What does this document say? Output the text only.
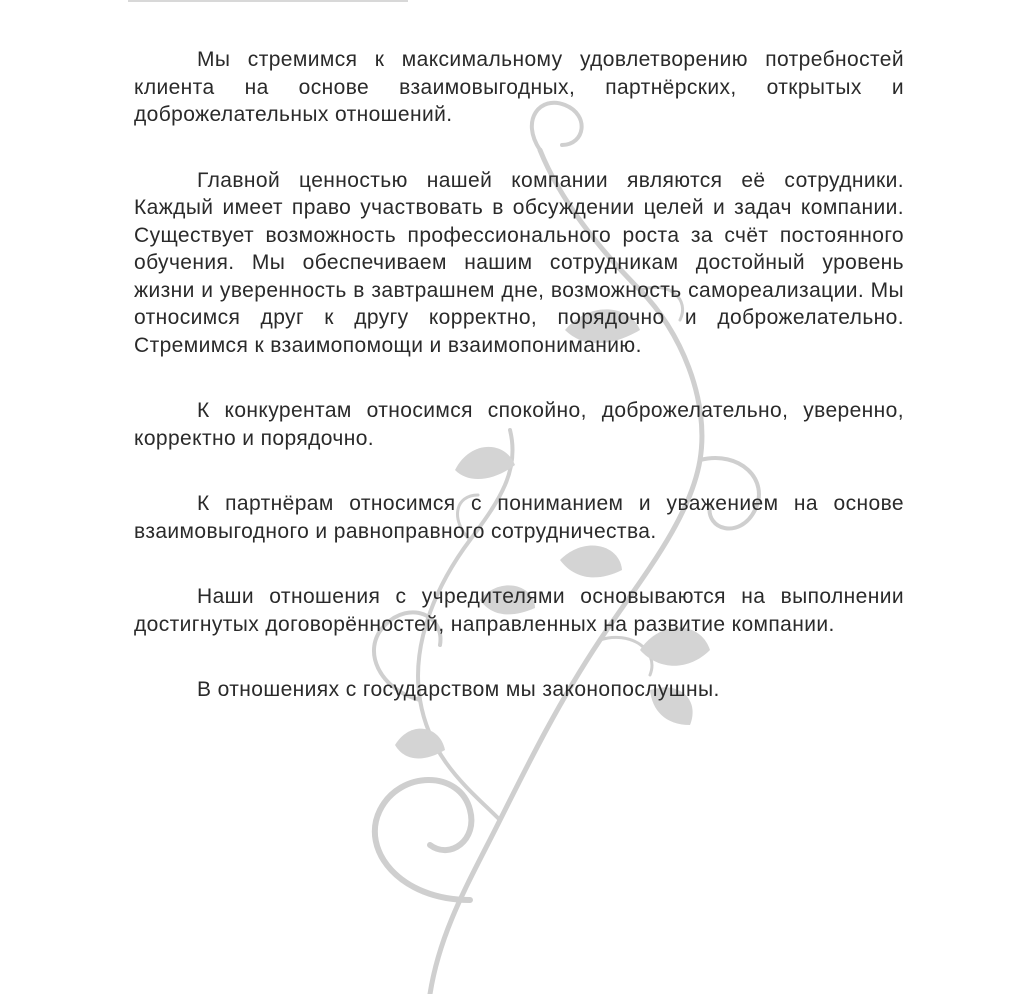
Мы стремимся к максимальному удовлетворению потребностей клиента на основе взаимовыгодных, партнёрских, открытых и доброжелательных отношений.

Главной ценностью нашей компании являются её сотрудники. Каждый имеет право участвовать в обсуждении целей и задач компании. Существует возможность профессионального роста за счёт постоянного обучения. Мы обеспечиваем нашим сотрудникам достойный уровень жизни и уверенность в завтрашнем дне, возможность самореализации. Мы относимся друг к другу корректно, порядочно и доброжелательно. Стремимся к взаимопомощи и взаимопониманию.

К конкурентам относимся спокойно, доброжелательно, уверенно, корректно и порядочно.

К партнёрам относимся с пониманием и уважением на основе взаимовыгодного и равноправного сотрудничества.

Наши отношения с учредителями основываются на выполнении достигнутых договорённостей, направленных на развитие компании.

В отношениях с государством мы законопослушны.
